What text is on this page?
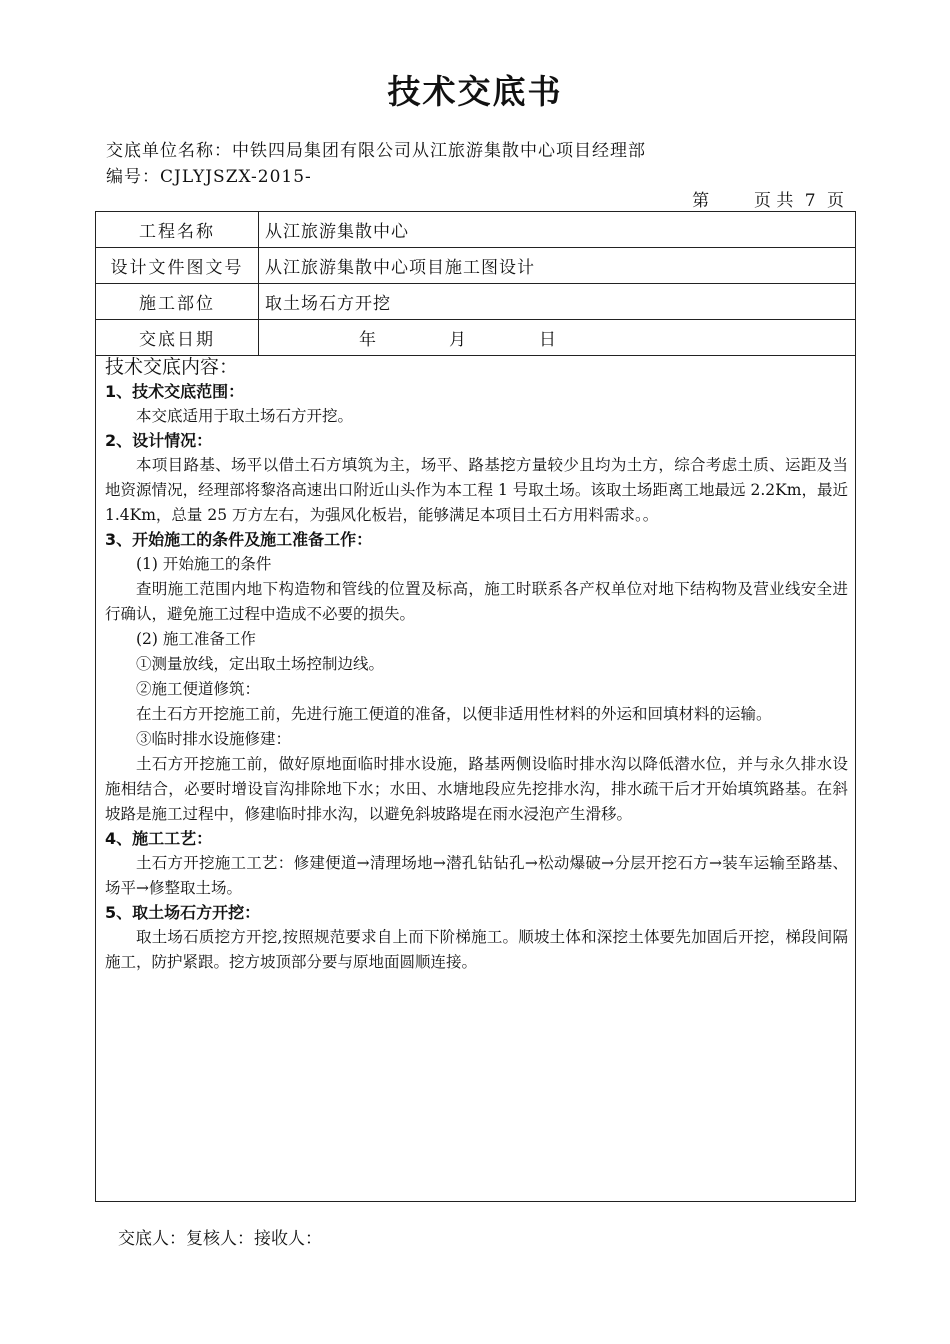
技术交底书
交底单位名称：中铁四局集团有限公司从江旅游集散中心项目经理部
编号：CJLYJSZX-2015-
第	页 共 7 页
工程名称	从江旅游集散中心
设计文件图文号	从江旅游集散中心项目施工图设计
施工部位	取土场石方开挖
交底日期	年　　　　月　　　　日
技术交底内容：
1、技术交底范围：
本交底适用于取土场石方开挖。
2、设计情况：
本项目路基、场平以借土石方填筑为主，场平、路基挖方量较少且均为土方，综合考虑土质、运距及当地资源情况，经理部将黎洛高速出口附近山头作为本工程 1 号取土场。该取土场距离工地最远 2.2Km，最近 1.4Km，总量 25 万方左右，为强风化板岩，能够满足本项目土石方用料需求。。
3、开始施工的条件及施工准备工作：
(1) 开始施工的条件
查明施工范围内地下构造物和管线的位置及标高，施工时联系各产权单位对地下结构物及营业线安全进行确认，避免施工过程中造成不必要的损失。
(2) 施工准备工作
①测量放线，定出取土场控制边线。
②施工便道修筑：
在土石方开挖施工前，先进行施工便道的准备，以便非适用性材料的外运和回填材料的运输。
③临时排水设施修建：
土石方开挖施工前，做好原地面临时排水设施，路基两侧设临时排水沟以降低潜水位，并与永久排水设施相结合，必要时增设盲沟排除地下水；水田、水塘地段应先挖排水沟，排水疏干后才开始填筑路基。在斜坡路是施工过程中，修建临时排水沟，以避免斜坡路堤在雨水浸泡产生滑移。
4、施工工艺：
土石方开挖施工工艺：修建便道→清理场地→潜孔钻钻孔→松动爆破→分层开挖石方→装车运输至路基、场平→修整取土场。
5、取土场石方开挖：
取土场石质挖方开挖,按照规范要求自上而下阶梯施工。顺坡土体和深挖土体要先加固后开挖，梯段间隔施工，防护紧跟。挖方坡顶部分要与原地面圆顺连接。
交底人：复核人：接收人：
